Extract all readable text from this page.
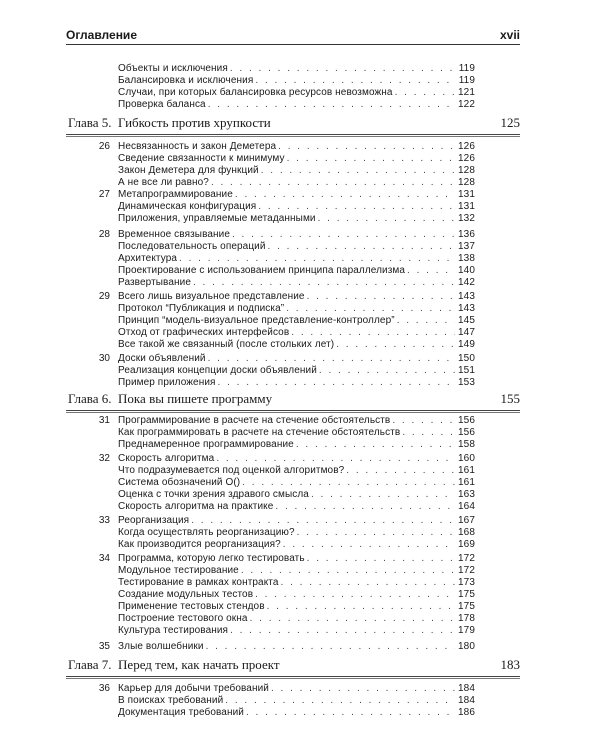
Оглавление	xvii
Объекты и исключения . . .	119
Балансировка и исключения . . .	119
Случаи, при которых балансировка ресурсов невозможна . . .	121
Проверка баланса . . .	122
Глава 5. Гибкость против хрупкости	125
26 Несвязанность и закон Деметера . . .	126
Сведение связанности к минимуму . . .	126
Закон Деметера для функций . . .	128
А не все ли равно? . . .	128
27 Метапрограммирование . . .	131
Динамическая конфигурация . . .	131
Приложения, управляемые метаданными . . .	132
28 Временное связывание . . .	136
Последовательность операций . . .	137
Архитектура . . .	138
Проектирование с использованием принципа параллелизма . . .	140
Развертывание . . .	142
29 Всего лишь визуальное представление . . .	143
Протокол “Публикация и подписка” . . .	143
Принцип “модель-визуальное представление-контроллер” . . .	145
Отход от графических интерфейсов . . .	147
Все такой же связанный (после стольких лет) . . .	149
30 Доски объявлений . . .	150
Реализация концепции доски объявлений . . .	151
Пример приложения . . .	153
Глава 6. Пока вы пишете программу	155
31 Программирование в расчете на стечение обстоятельств . . .	156
Как программировать в расчете на стечение обстоятельств . . .	156
Преднамеренное программирование . . .	158
32 Скорость алгоритма . . .	160
Что подразумевается под оценкой алгоритмов? . . .	161
Система обозначений O() . . .	161
Оценка с точки зрения здравого смысла . . .	163
Скорость алгоритма на практике . . .	164
33 Реорганизация . . .	167
Когда осуществлять реорганизацию? . . .	168
Как производится реорганизация? . . .	169
34 Программа, которую легко тестировать . . .	172
Модульное тестирование . . .	172
Тестирование в рамках контракта . . .	173
Создание модульных тестов . . .	175
Применение тестовых стендов . . .	175
Построение тестового окна . . .	178
Культура тестирования . . .	179
35 Злые волшебники . . .	180
Глава 7. Перед тем, как начать проект	183
36 Карьер для добычи требований . . .	184
В поисках требований . . .	184
Документация требований . . .	186
